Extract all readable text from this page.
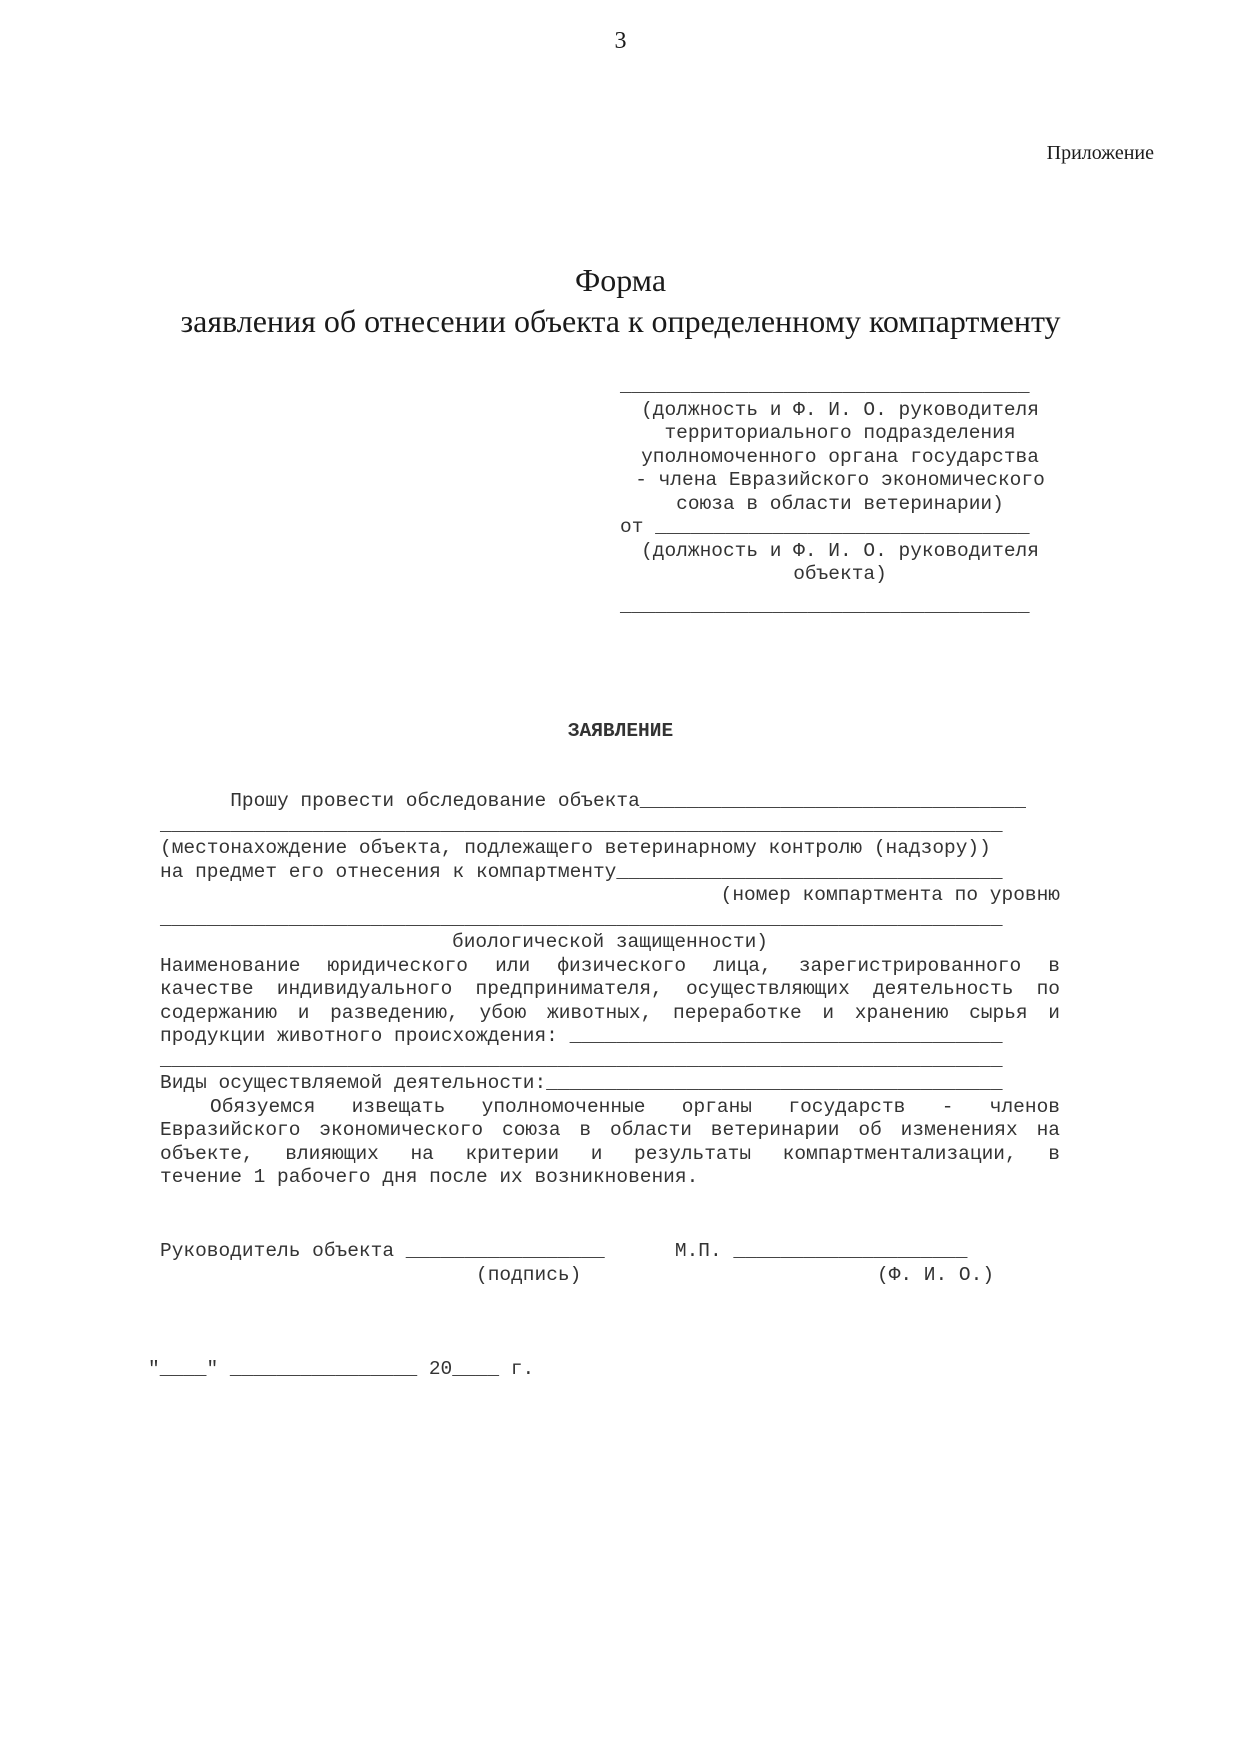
3
Приложение
Форма
заявления об отнесении объекта к определенному компартменту
___________________________________
(должность и Ф. И. О. руководителя
территориального подразделения
уполномоченного органа государства
- члена Евразийского экономического
союза в области ветеринарии)
от ________________________________
(должность и Ф. И. О. руководителя
объекта)
___________________________________
ЗАЯВЛЕНИЕ
Прошу провести обследование объекта_________________________________
________________________________________________________________________
(местонахождение объекта, подлежащего ветеринарному контролю (надзору))
на предмет его отнесения к компартменту_________________________________
(номер компартмента по уровню
________________________________________________________________________
биологической защищенности)
Наименование юридического или физического лица, зарегистрированного в
качестве индивидуального предпринимателя, осуществляющих деятельность по
содержанию и разведению, убою животных, переработке и хранению сырья и
продукции животного происхождения: _____________________________________
________________________________________________________________________
Виды осуществляемой деятельности:_______________________________________
Обязуемся извещать уполномоченные органы государств - членов
Евразийского экономического союза в области ветеринарии об изменениях на
объекте, влияющих на критерии и результаты компартментализации, в
течение 1 рабочего дня после их возникновения.
Руководитель объекта _________________      М.П. ____________________
(подпись)	(Ф. И. О.)
"____" ________________ 20____ г.
